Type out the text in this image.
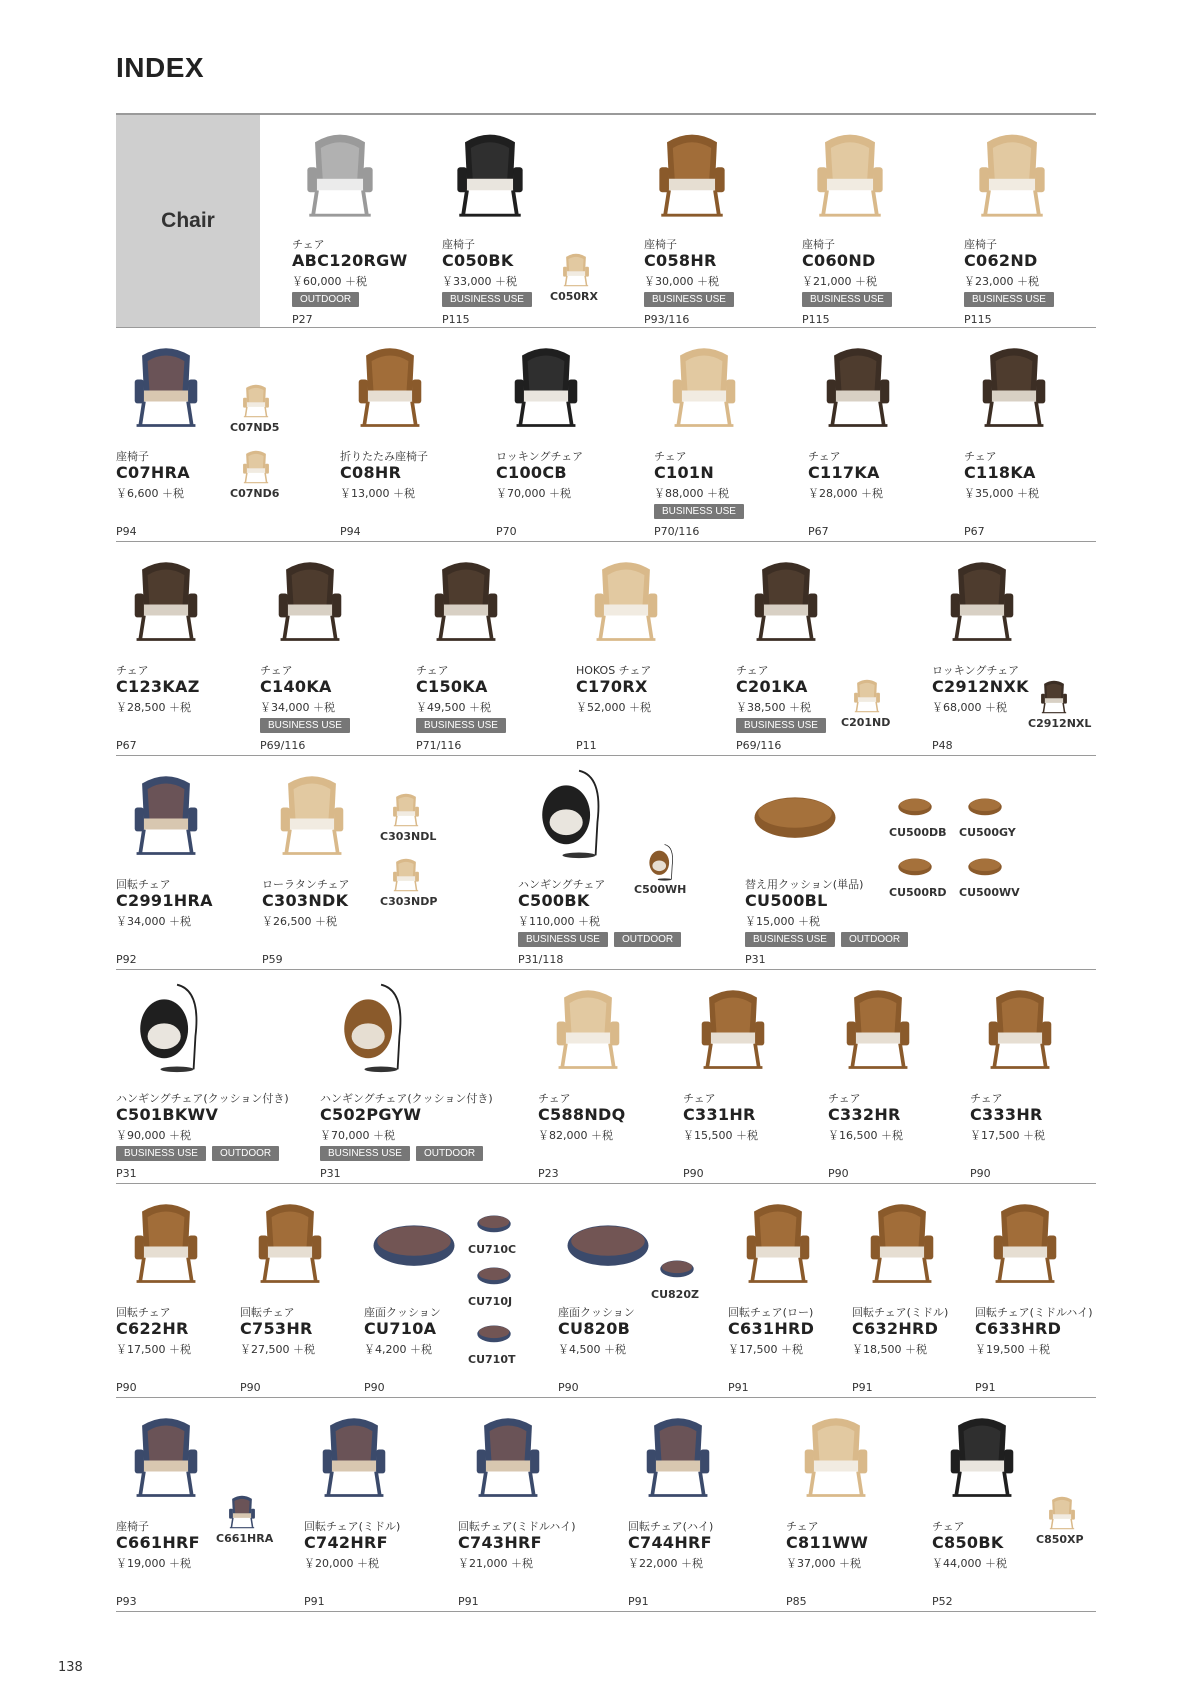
INDEX
Chair
チェア
ABC120RGW
￥60,000 ＋税
OUTDOOR
P27
座椅子
C050BK
￥33,000 ＋税
BUSINESS USE
P115
C050RX
座椅子
C058HR
￥30,000 ＋税
BUSINESS USE
P93/116
座椅子
C060ND
￥21,000 ＋税
BUSINESS USE
P115
座椅子
C062ND
￥23,000 ＋税
BUSINESS USE
P115
座椅子
C07HRA
￥6,600 ＋税
P94
C07ND5
C07ND6
折りたたみ座椅子
C08HR
￥13,000 ＋税
P94
ロッキングチェア
C100CB
￥70,000 ＋税
P70
チェア
C101N
￥88,000 ＋税
BUSINESS USE
P70/116
チェア
C117KA
￥28,000 ＋税
P67
チェア
C118KA
￥35,000 ＋税
P67
チェア
C123KAZ
￥28,500 ＋税
P67
チェア
C140KA
￥34,000 ＋税
BUSINESS USE
P69/116
チェア
C150KA
￥49,500 ＋税
BUSINESS USE
P71/116
HOKOS チェア
C170RX
￥52,000 ＋税
P11
チェア
C201KA
￥38,500 ＋税
BUSINESS USE
P69/116
C201ND
ロッキングチェア
C2912NXK
￥68,000 ＋税
P48
C2912NXL
回転チェア
C2991HRA
￥34,000 ＋税
P92
ローラタンチェア
C303NDK
￥26,500 ＋税
P59
C303NDL
C303NDP
ハンギングチェア
C500BK
￥110,000 ＋税
BUSINESS USE	OUTDOOR
P31/118
C500WH	替え用クッション(単品)
CU500BL
￥15,000 ＋税
BUSINESS USE	OUTDOOR
P31
CU500DB CU500GY
CU500RD CU500WV
ハンギングチェア(クッション付き)
C501BKWV
￥90,000 ＋税
BUSINESS USE	OUTDOOR
P31
ハンギングチェア(クッション付き)
C502PGYW
￥70,000 ＋税
BUSINESS USE	OUTDOOR
P31
チェア
C588NDQ
￥82,000 ＋税
P23
チェア
C331HR
￥15,500 ＋税
P90
チェア
C332HR
￥16,500 ＋税
P90
チェア
C333HR
￥17,500 ＋税
P90
回転チェア
C622HR
￥17,500 ＋税
P90
回転チェア
C753HR
￥27,500 ＋税
P90
座面クッション
CU710A
￥4,200 ＋税
P90
CU710C
CU710J
CU710T
座面クッション
CU820B
￥4,500 ＋税
P90
CU820Z
回転チェア(ロー)
C631HRD
￥17,500 ＋税
P91
回転チェア(ミドル)
C632HRD
￥18,500 ＋税
P91
回転チェア(ミドルハイ)
C633HRD
￥19,500 ＋税
P91
座椅子
C661HRF
￥19,000 ＋税
P93
C661HRA
回転チェア(ミドル)
C742HRF
￥20,000 ＋税
P91
回転チェア(ミドルハイ)
C743HRF
￥21,000 ＋税
P91
回転チェア(ハイ)
C744HRF
￥22,000 ＋税
P91
チェア
C811WW
￥37,000 ＋税
P85
チェア
C850BK
￥44,000 ＋税
P52
C850XP
138
